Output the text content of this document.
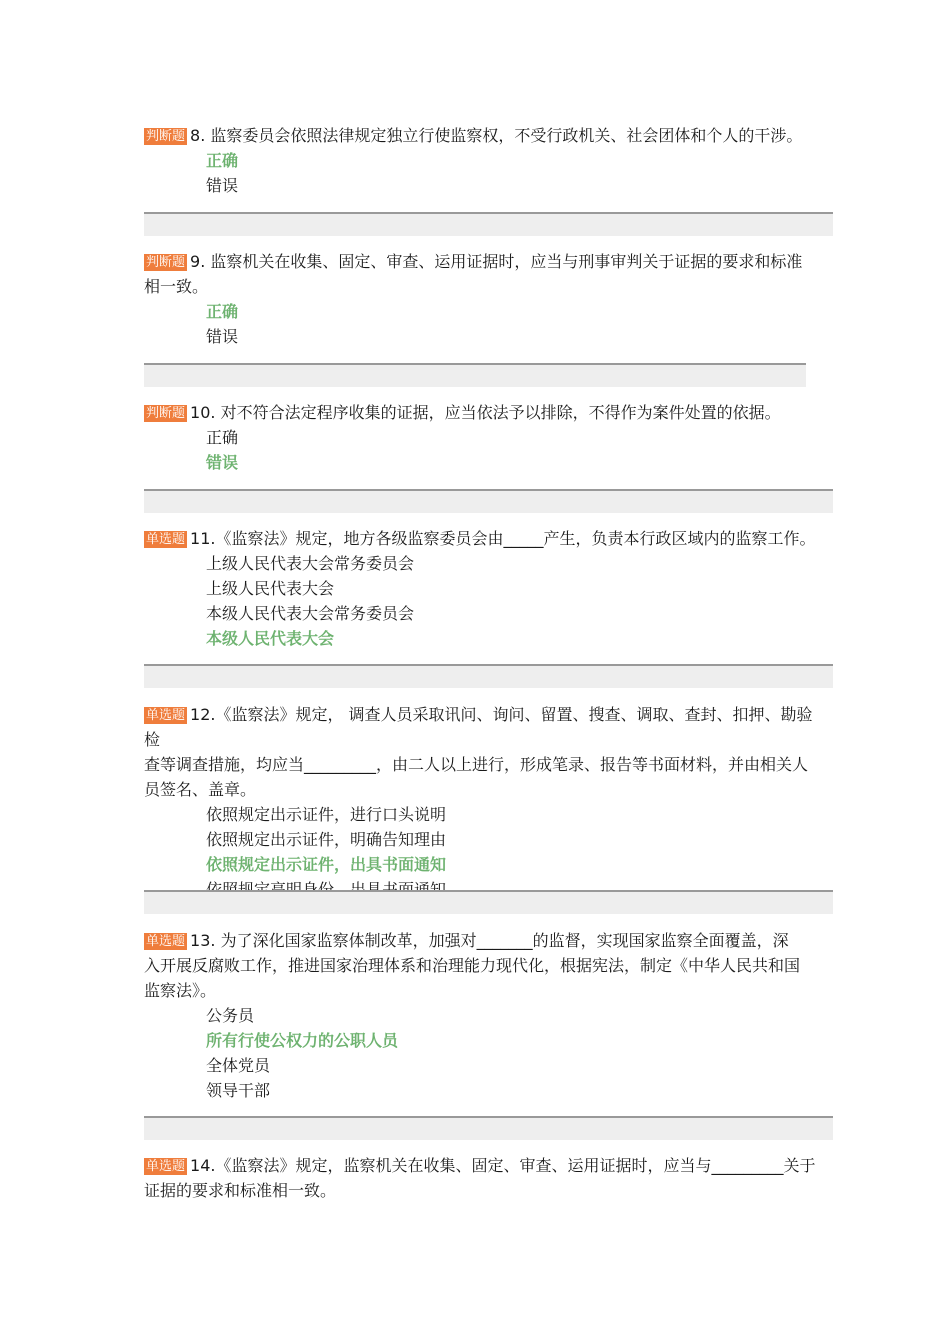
判断题 8. 监察委员会依照法律规定独立行使监察权，不受行政机关、社会团体和个人的干涉。

正确

错误

判断题 9. 监察机关在收集、固定、审查、运用证据时，应当与刑事审判关于证据的要求和标准

相一致。

正确

错误

判断题 10. 对不符合法定程序收集的证据，应当依法予以排除，不得作为案件处置的依据。

正确

错误

单选题 11.《监察法》规定，地方各级监察委员会由_____产生，负责本行政区域内的监察工作。

上级人民代表大会常务委员会

上级人民代表大会

本级人民代表大会常务委员会

本级人民代表大会

单选题 12.《监察法》规定， 调查人员采取讯问、询问、留置、搜查、调取、查封、扣押、勘验检

查等调查措施，均应当_________，由二人以上进行，形成笔录、报告等书面材料，并由相关人

员签名、盖章。

依照规定出示证件，进行口头说明

依照规定出示证件，明确告知理由

依照规定出示证件，出具书面通知

单选题 13. 为了深化国家监察体制改革，加强对_______的监督，实现国家监察全面覆盖，深

入开展反腐败工作，推进国家治理体系和治理能力现代化，根据宪法，制定《中华人民共和国

监察法》。

公务员

所有行使公权力的公职人员

全体党员

领导干部

单选题 14.《监察法》规定，监察机关在收集、固定、审查、运用证据时，应当与_________关于

证据的要求和标准相一致。
